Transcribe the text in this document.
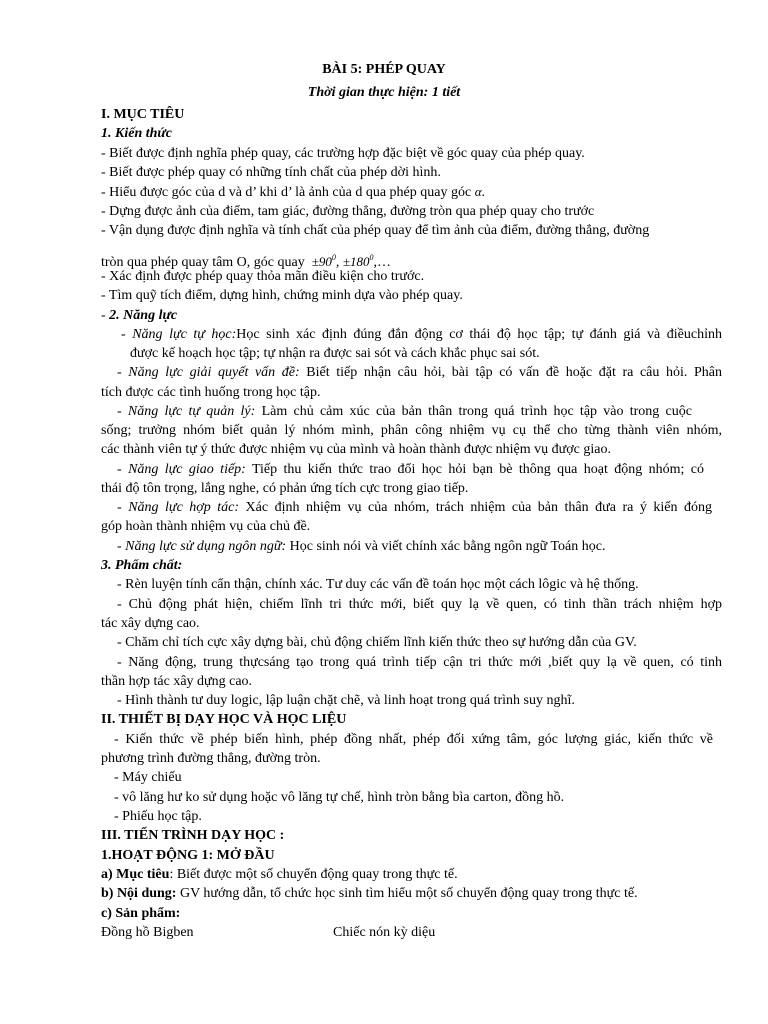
BÀI 5: PHÉP QUAY
Thời gian thực hiện: 1 tiết
I. MỤC TIÊU
1. Kiến thức
- Biết được định nghĩa phép quay, các trường hợp đặc biệt về góc quay của phép quay.
- Biết được phép quay có những tính chất của phép dời hình.
- Hiểu được góc của d và d’ khi d’ là ảnh của d qua phép quay góc α.
- Dựng được ảnh của điểm, tam giác, đường thẳng, đường tròn qua phép quay cho trước
- Vận dụng được định nghĩa và tính chất của phép quay để tìm ảnh của điểm, đường thẳng, đường
tròn qua phép quay tâm O, góc quay $\pm 90^0$, $\pm 180^0,\dots$
- Xác định được phép quay thỏa mãn điều kiện cho trước.
- Tìm quỹ tích điểm, dựng hình, chứng minh dựa vào phép quay.
- 2. Năng lực
- Năng lực tự học:Học sinh xác định đúng đắn động cơ thái độ học tập; tự đánh giá và điềuchỉnh
được kế hoạch học tập; tự nhận ra được sai sót và cách khắc phục sai sót.
- Năng lực giải quyết vấn đề: Biết tiếp nhận câu hỏi, bài tập có vấn đề hoặc đặt ra câu hỏi. Phân
tích được các tình huống trong học tập.
- Năng lực tự quản lý: Làm chủ cảm xúc của bản thân trong quá trình học tập vào trong cuộc
sống; trưởng nhóm biết quản lý nhóm mình, phân công nhiệm vụ cụ thể cho từng thành viên nhóm,
các thành viên tự ý thức được nhiệm vụ của mình và hoàn thành được nhiệm vụ được giao.
- Năng lực giao tiếp: Tiếp thu kiến thức trao đổi học hỏi bạn bè thông qua hoạt động nhóm; có
thái độ tôn trọng, lắng nghe, có phản ứng tích cực trong giao tiếp.
- Năng lực hợp tác: Xác định nhiệm vụ của nhóm, trách nhiệm của bản thân đưa ra ý kiến đóng
góp hoàn thành nhiệm vụ của chủ đề.
- Năng lực sử dụng ngôn ngữ: Học sinh nói và viết chính xác bằng ngôn ngữ Toán học.
3. Phẩm chất:
- Rèn luyện tính cẩn thận, chính xác. Tư duy các vấn đề toán học một cách lôgic và hệ thống.
- Chủ động phát hiện, chiếm lĩnh tri thức mới, biết quy lạ về quen, có tinh thần trách nhiệm hợp
tác xây dựng cao.
- Chăm chỉ tích cực xây dựng bài, chủ động chiếm lĩnh kiến thức theo sự hướng dẫn của GV.
- Năng động, trung thựcsáng tạo trong quá trình tiếp cận tri thức mới ,biết quy lạ về quen, có tinh
thần hợp tác xây dựng cao.
- Hình thành tư duy logic, lập luận chặt chẽ, và linh hoạt trong quá trình suy nghĩ.
II. THIẾT BỊ DẠY HỌC VÀ HỌC LIỆU
- Kiến thức về phép biến hình, phép đồng nhất, phép đối xứng tâm, góc lượng giác, kiến thức về
phương trình đường thẳng, đường tròn.
- Máy chiếu
- vô lăng hư ko sử dụng hoặc vô lăng tự chế, hình tròn bằng bìa carton, đồng hồ.
- Phiếu học tập.
III. TIẾN TRÌNH DẠY HỌC :
1.HOẠT ĐỘNG 1: MỞ ĐẦU
a) Mục tiêu: Biết được một số chuyển động quay trong thực tế.
b) Nội dung: GV hướng dẫn, tổ chức học sinh tìm hiểu một số chuyển động quay trong thực tế.
c) Sản phẩm:
Đồng hồ Bigben	Chiếc nón kỳ diệu
